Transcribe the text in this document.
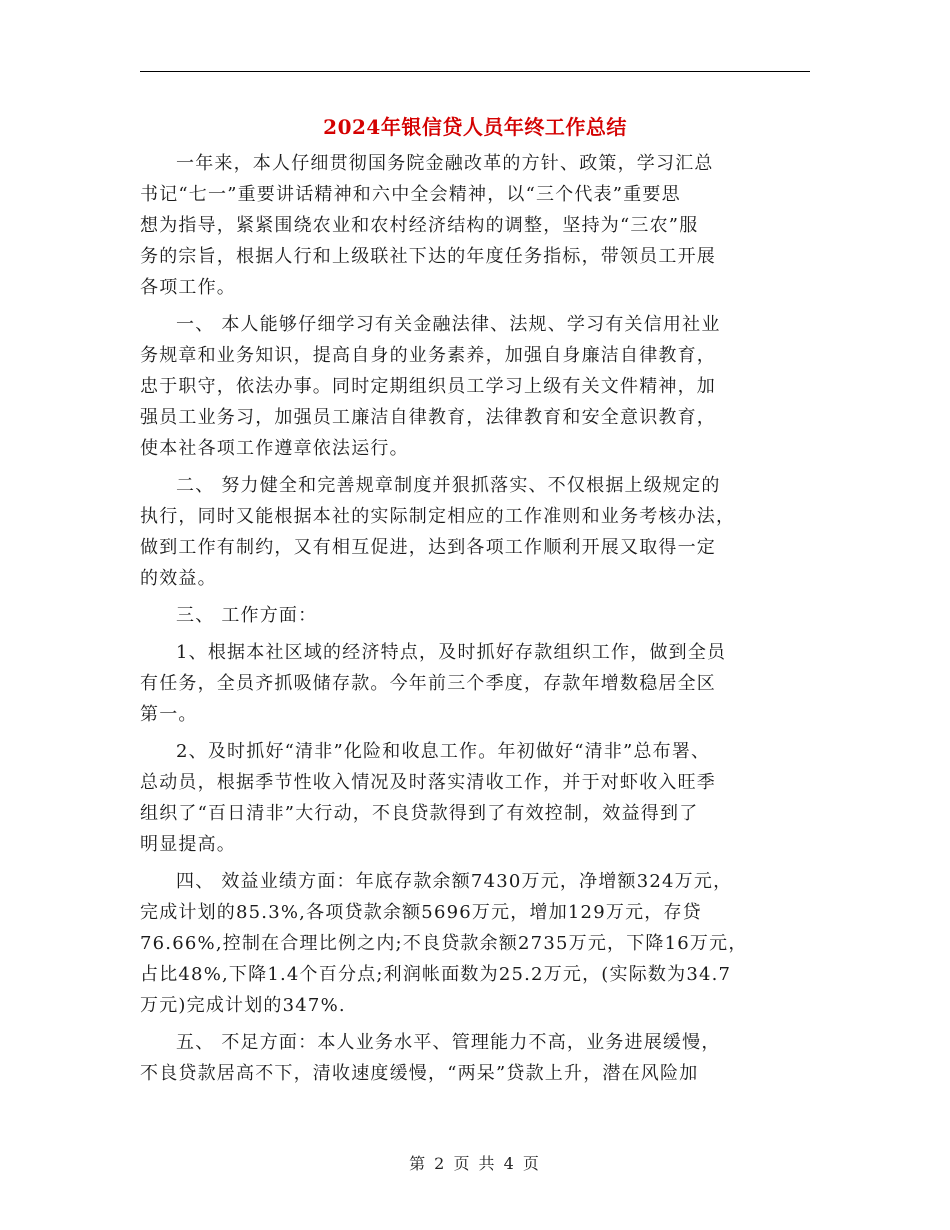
2024年银信贷人员年终工作总结

一年来，本人仔细贯彻国务院金融改革的方针、政策，学习汇总
书记“七一”重要讲话精神和六中全会精神，以“三个代表”重要思
想为指导，紧紧围绕农业和农村经济结构的调整，坚持为“三农”服
务的宗旨，根据人行和上级联社下达的年度任务指标，带领员工开展
各项工作。

一、 本人能够仔细学习有关金融法律、法规、学习有关信用社业
务规章和业务知识，提高自身的业务素养，加强自身廉洁自律教育，
忠于职守，依法办事。同时定期组织员工学习上级有关文件精神，加
强员工业务习，加强员工廉洁自律教育，法律教育和安全意识教育，
使本社各项工作遵章依法运行。

二、 努力健全和完善规章制度并狠抓落实、不仅根据上级规定的
执行，同时又能根据本社的实际制定相应的工作准则和业务考核办法，
做到工作有制约，又有相互促进，达到各项工作顺利开展又取得一定
的效益。

三、 工作方面：

1、根据本社区域的经济特点，及时抓好存款组织工作，做到全员
有任务，全员齐抓吸储存款。今年前三个季度，存款年增数稳居全区
第一。

2、及时抓好“清非”化险和收息工作。年初做好“清非”总布署、
总动员，根据季节性收入情况及时落实清收工作，并于对虾收入旺季
组织了“百日清非”大行动，不良贷款得到了有效控制，效益得到了
明显提高。

四、 效益业绩方面：年底存款余额7430万元，净增额324万元，
完成计划的85.3%,各项贷款余额5696万元，增加129万元，存贷
76.66%,控制在合理比例之内;不良贷款余额2735万元，下降16万元，
占比48%,下降1.4个百分点;利润帐面数为25.2万元，(实际数为34.7
万元)完成计划的347%.

五、 不足方面：本人业务水平、管理能力不高，业务进展缓慢，
不良贷款居高不下，清收速度缓慢，“两呆”贷款上升，潜在风险加

第 2 页 共 4 页
